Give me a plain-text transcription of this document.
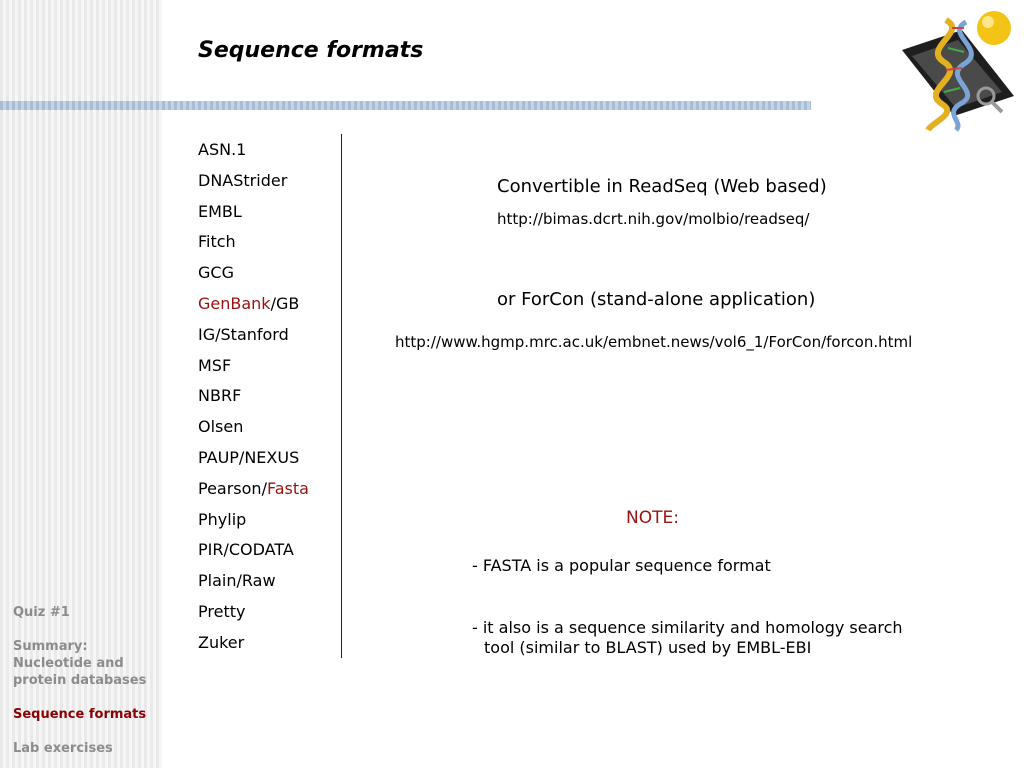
Quiz #1
Summary: Nucleotide and protein databases
Sequence formats
Lab exercises
Sequence formats
ASN.1
DNAStrider
EMBL
Fitch
GCG
GenBank/GB
IG/Stanford
MSF
NBRF
Olsen
PAUP/NEXUS
Pearson/Fasta
Phylip
PIR/CODATA
Plain/Raw
Pretty
Zuker
Convertible in ReadSeq (Web based)
http://bimas.dcrt.nih.gov/molbio/readseq/
or ForCon (stand-alone application)
http://www.hgmp.mrc.ac.uk/embnet.news/vol6_1/ForCon/forcon.html
NOTE:
- FASTA is a popular sequence format
- it also is a sequence similarity and homology search
tool (similar to BLAST) used by EMBL-EBI
